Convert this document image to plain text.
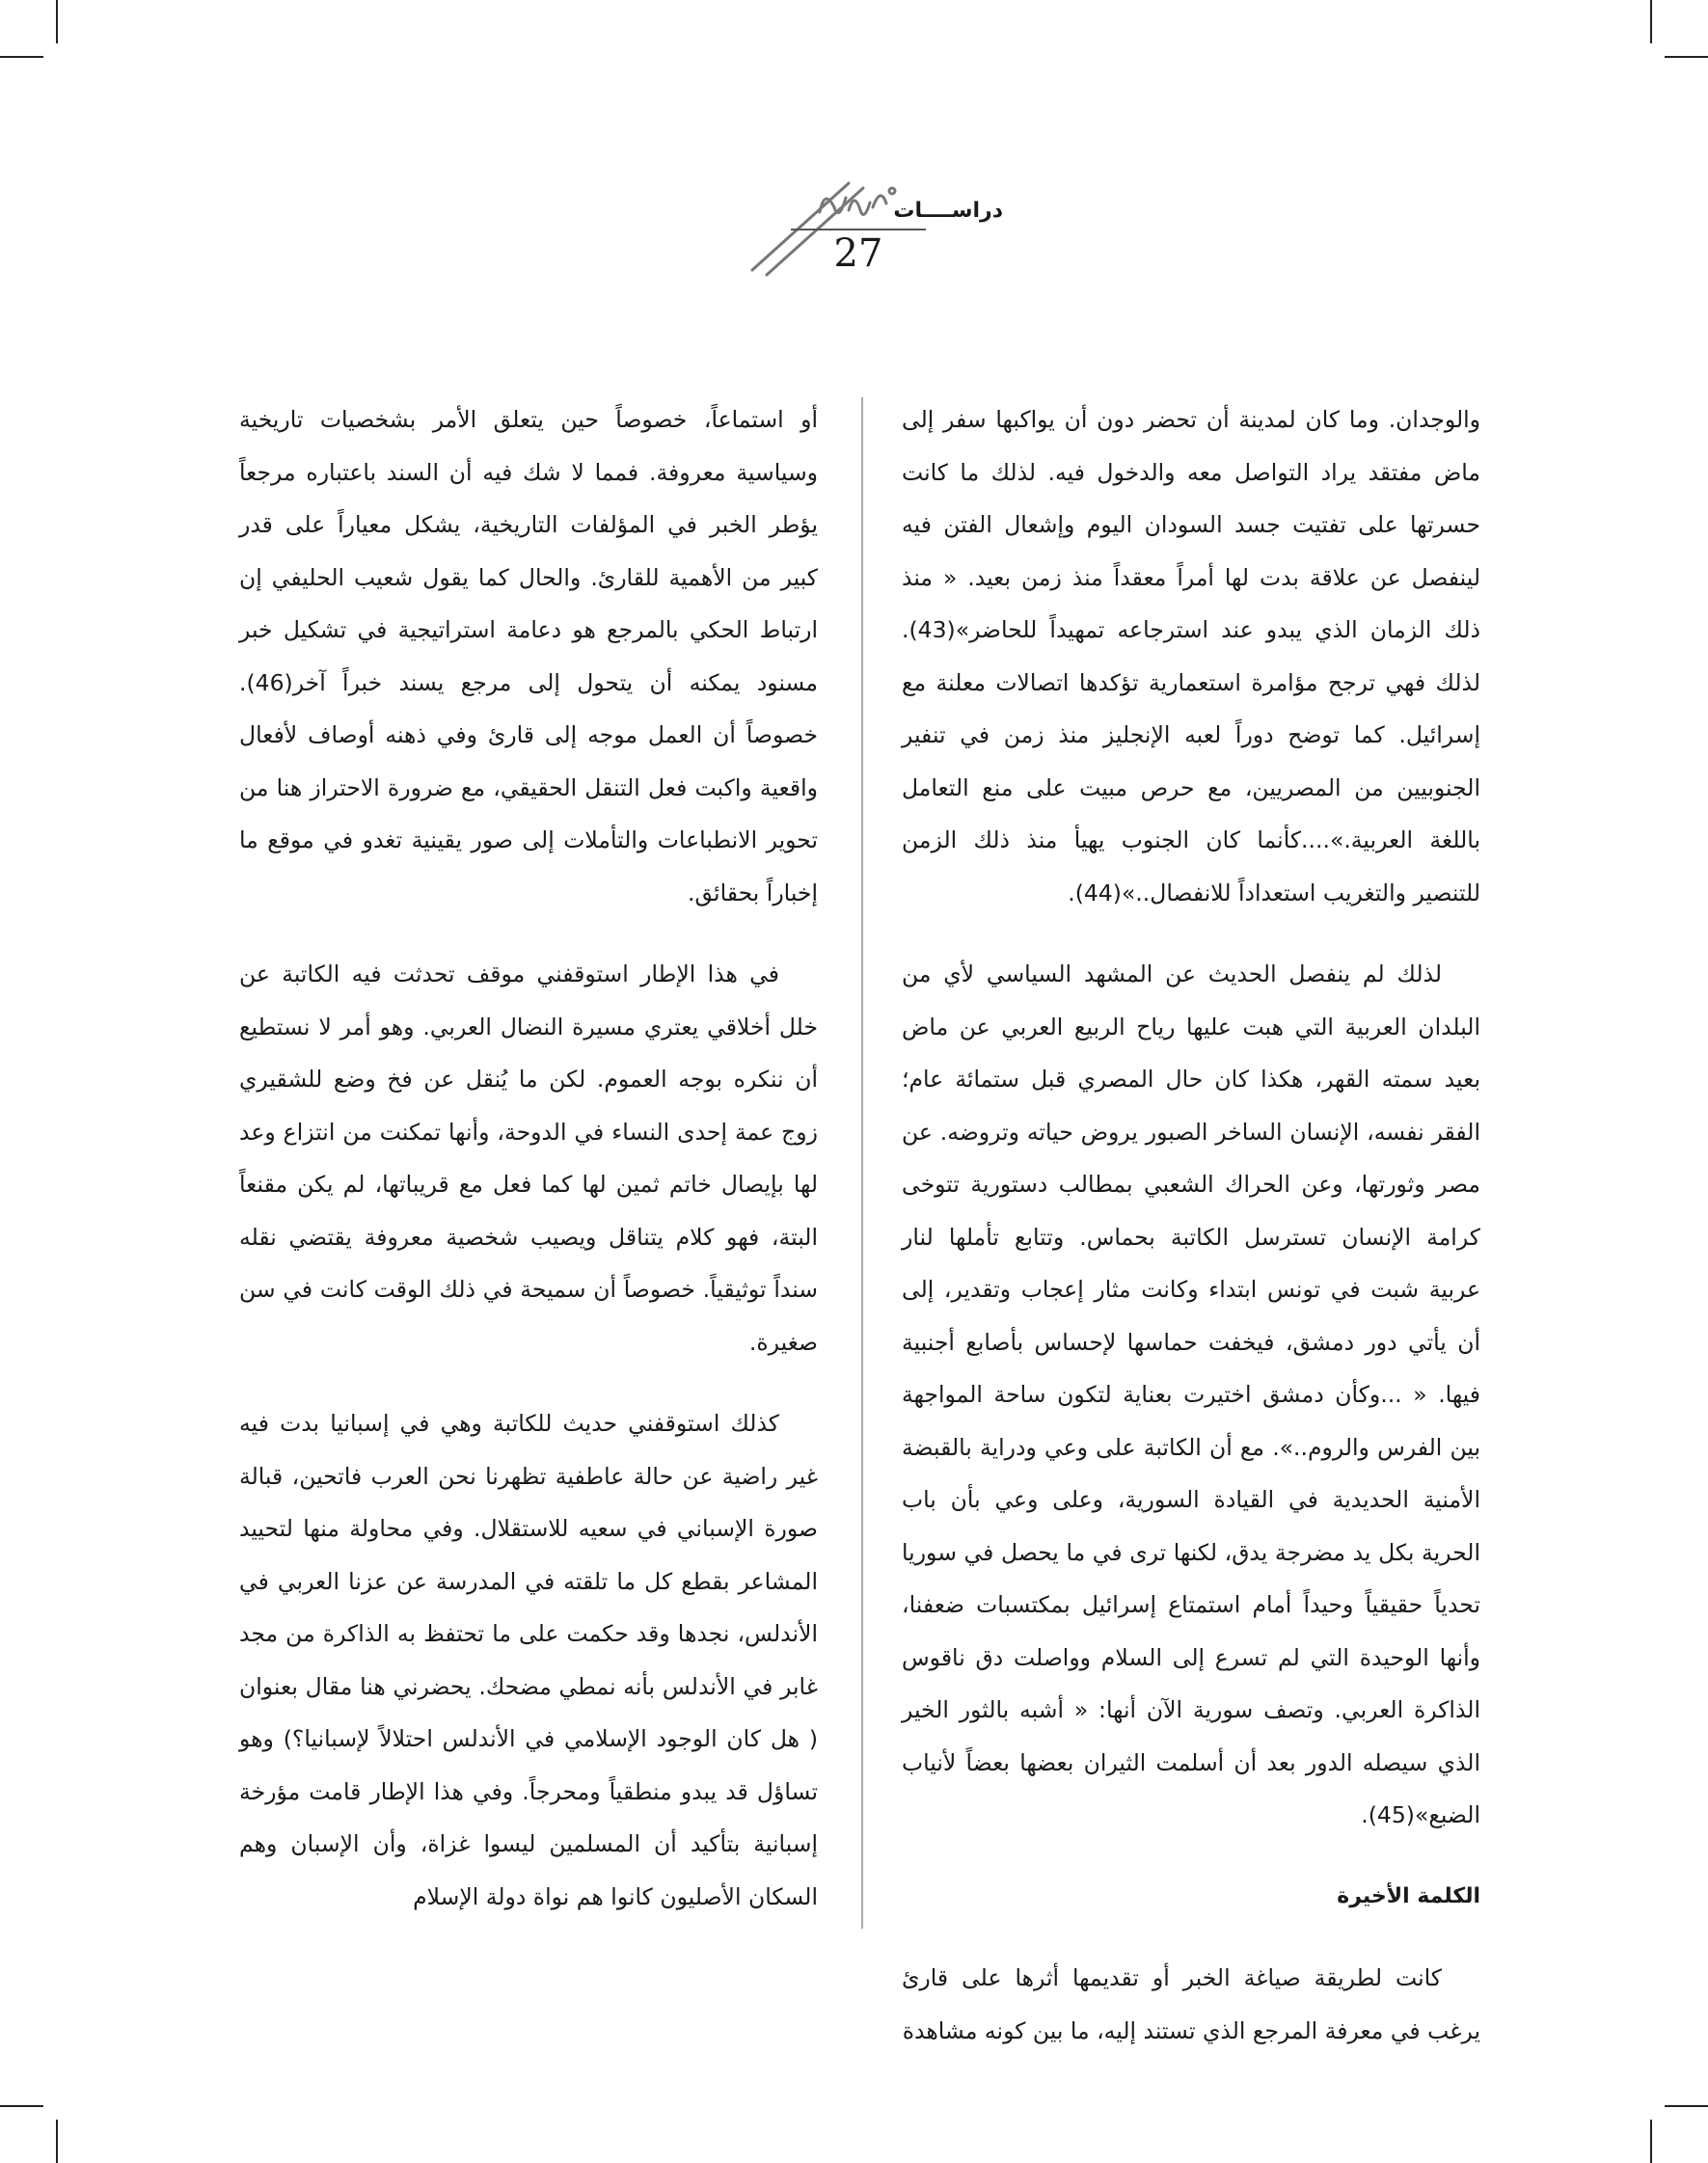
دراســــات
27

والوجدان. وما كان لمدينة أن تحضر دون أن يواكبها سفر إلى ماض مفتقد يراد التواصل معه والدخول فيه. لذلك ما كانت حسرتها على تفتيت جسد السودان اليوم وإشعال الفتن فيه لينفصل عن علاقة بدت لها أمراً معقداً منذ زمن بعيد. « منذ ذلك الزمان الذي يبدو عند استرجاعه تمهيداً للحاضر»(43). لذلك فهي ترجح مؤامرة استعمارية تؤكدها اتصالات معلنة مع إسرائيل. كما توضح دوراً لعبه الإنجليز منذ زمن في تنفير الجنوبيين من المصريين، مع حرص مبيت على منع التعامل باللغة العربية.»....كأنما كان الجنوب يهيأ منذ ذلك الزمن للتنصير والتغريب استعداداً للانفصال..»(44).

لذلك لم ينفصل الحديث عن المشهد السياسي لأي من البلدان العربية التي هبت عليها رياح الربيع العربي عن ماض بعيد سمته القهر، هكذا كان حال المصري قبل ستمائة عام؛ الفقر نفسه، الإنسان الساخر الصبور يروض حياته وتروضه. عن مصر وثورتها، وعن الحراك الشعبي بمطالب دستورية تتوخى كرامة الإنسان تسترسل الكاتبة بحماس. وتتابع تأملها لنار عربية شبت في تونس ابتداء وكانت مثار إعجاب وتقدير، إلى أن يأتي دور دمشق، فيخفت حماسها لإحساس بأصابع أجنبية فيها. « ...وكأن دمشق اختيرت بعناية لتكون ساحة المواجهة بين الفرس والروم..». مع أن الكاتبة على وعي ودراية بالقبضة الأمنية الحديدية في القيادة السورية، وعلى وعي بأن باب الحرية بكل يد مضرجة يدق، لكنها ترى في ما يحصل في سوريا تحدياً حقيقياً وحيداً أمام استمتاع إسرائيل بمكتسبات ضعفنا، وأنها الوحيدة التي لم تسرع إلى السلام وواصلت دق ناقوس الذاكرة العربي. وتصف سورية الآن أنها: « أشبه بالثور الخير الذي سيصله الدور بعد أن أسلمت الثيران بعضها بعضاً لأنياب الضبع»(45).

الكلمة الأخيرة

كانت لطريقة صياغة الخبر أو تقديمها أثرها على قارئ يرغب في معرفة المرجع الذي تستند إليه، ما بين كونه مشاهدة

أو استماعاً، خصوصاً حين يتعلق الأمر بشخصيات تاريخية وسياسية معروفة. فمما لا شك فيه أن السند باعتباره مرجعاً يؤطر الخبر في المؤلفات التاريخية، يشكل معياراً على قدر كبير من الأهمية للقارئ. والحال كما يقول شعيب الحليفي إن ارتباط الحكي بالمرجع هو دعامة استراتيجية في تشكيل خبر مسنود يمكنه أن يتحول إلى مرجع يسند خبراً آخر(46). خصوصاً أن العمل موجه إلى قارئ وفي ذهنه أوصاف لأفعال واقعية واكبت فعل التنقل الحقيقي، مع ضرورة الاحتراز هنا من تحوير الانطباعات والتأملات إلى صور يقينية تغدو في موقع ما إخباراً بحقائق.

في هذا الإطار استوقفني موقف تحدثت فيه الكاتبة عن خلل أخلاقي يعتري مسيرة النضال العربي. وهو أمر لا نستطيع أن ننكره بوجه العموم. لكن ما يُنقل عن فخ وضع للشقيري زوج عمة إحدى النساء في الدوحة، وأنها تمكنت من انتزاع وعد لها بإيصال خاتم ثمين لها كما فعل مع قريباتها، لم يكن مقنعاً البتة، فهو كلام يتناقل ويصيب شخصية معروفة يقتضي نقله سنداً توثيقياً. خصوصاً أن سميحة في ذلك الوقت كانت في سن صغيرة.

كذلك استوقفني حديث للكاتبة وهي في إسبانيا بدت فيه غير راضية عن حالة عاطفية تظهرنا نحن العرب فاتحين، قبالة صورة الإسباني في سعيه للاستقلال. وفي محاولة منها لتحييد المشاعر بقطع كل ما تلقته في المدرسة عن عزنا العربي في الأندلس، نجدها وقد حكمت على ما تحتفظ به الذاكرة من مجد غابر في الأندلس بأنه نمطي مضحك. يحضرني هنا مقال بعنوان ( هل كان الوجود الإسلامي في الأندلس احتلالاً لإسبانيا؟) وهو تساؤل قد يبدو منطقياً ومحرجاً. وفي هذا الإطار قامت مؤرخة إسبانية بتأكيد أن المسلمين ليسوا غزاة، وأن الإسبان وهم السكان الأصليون كانوا هم نواة دولة الإسلام
